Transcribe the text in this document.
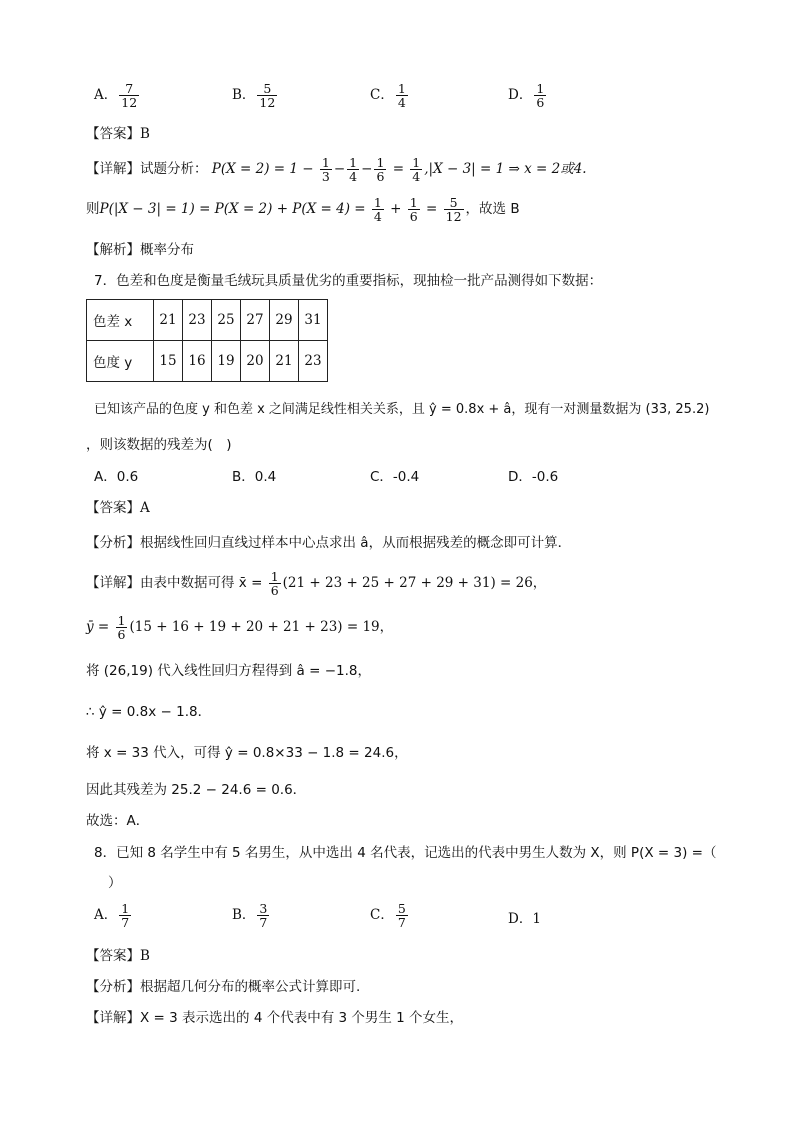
A． $\frac{7}{12}$	B． $\frac{5}{12}$	C． $\frac{1}{4}$	D． $\frac{1}{6}$
【答案】B
【详解】试题分析： $P(X = 2) = 1 - \frac{1}{3} - \frac{1}{4} - \frac{1}{6} = \frac{1}{4} ,|X - 3| = 1$ ⇒ x = 2或4.
则$P(|X - 3| = 1) = P(X = 2) + P(X = 4) = \frac{1}{4} + \frac{1}{6} = \frac{5}{12}$ ，故选 B
【解析】概率分布
7．色差和色度是衡量毛绒玩具质量优劣的重要指标，现抽检一批产品测得如下数据：
色差 x	21	23	25	27	29	31
色度 y	15	16	19	20	21	23
已知该产品的色度 y 和色差 x 之间满足线性相关关系，且 ŷ = 0.8x + â，现有一对测量数据为 (33, 25.2)
，则该数据的残差为(　)
A．0.6	B．0.4	C．-0.4	D．-0.6
【答案】A
【分析】根据线性回归直线过样本中心点求出 â，从而根据残差的概念即可计算．
【详解】由表中数据可得 x̄ = $\frac{1}{6} (21 + 23 + 25 + 27 + 29 + 31) = 26$，
ȳ = $\frac{1}{6} (15 + 16 + 19 + 20 + 21 + 23) = 19$，
将 (26,19) 代入线性回归方程得到 â = −1.8，
∴ ŷ = 0.8x − 1.8．
将 x = 33 代入，可得 ŷ = 0.8×33 − 1.8 = 24.6，
因此其残差为 25.2 − 24.6 = 0.6．
故选：A．
8．已知 8 名学生中有 5 名男生，从中选出 4 名代表，记选出的代表中男生人数为 X，则 P(X = 3) =（
）
A． $\frac{1}{7}$	B． $\frac{3}{7}$	C． $\frac{5}{7}$	D．1
【答案】B
【分析】根据超几何分布的概率公式计算即可.
【详解】X = 3 表示选出的 4 个代表中有 3 个男生 1 个女生，
